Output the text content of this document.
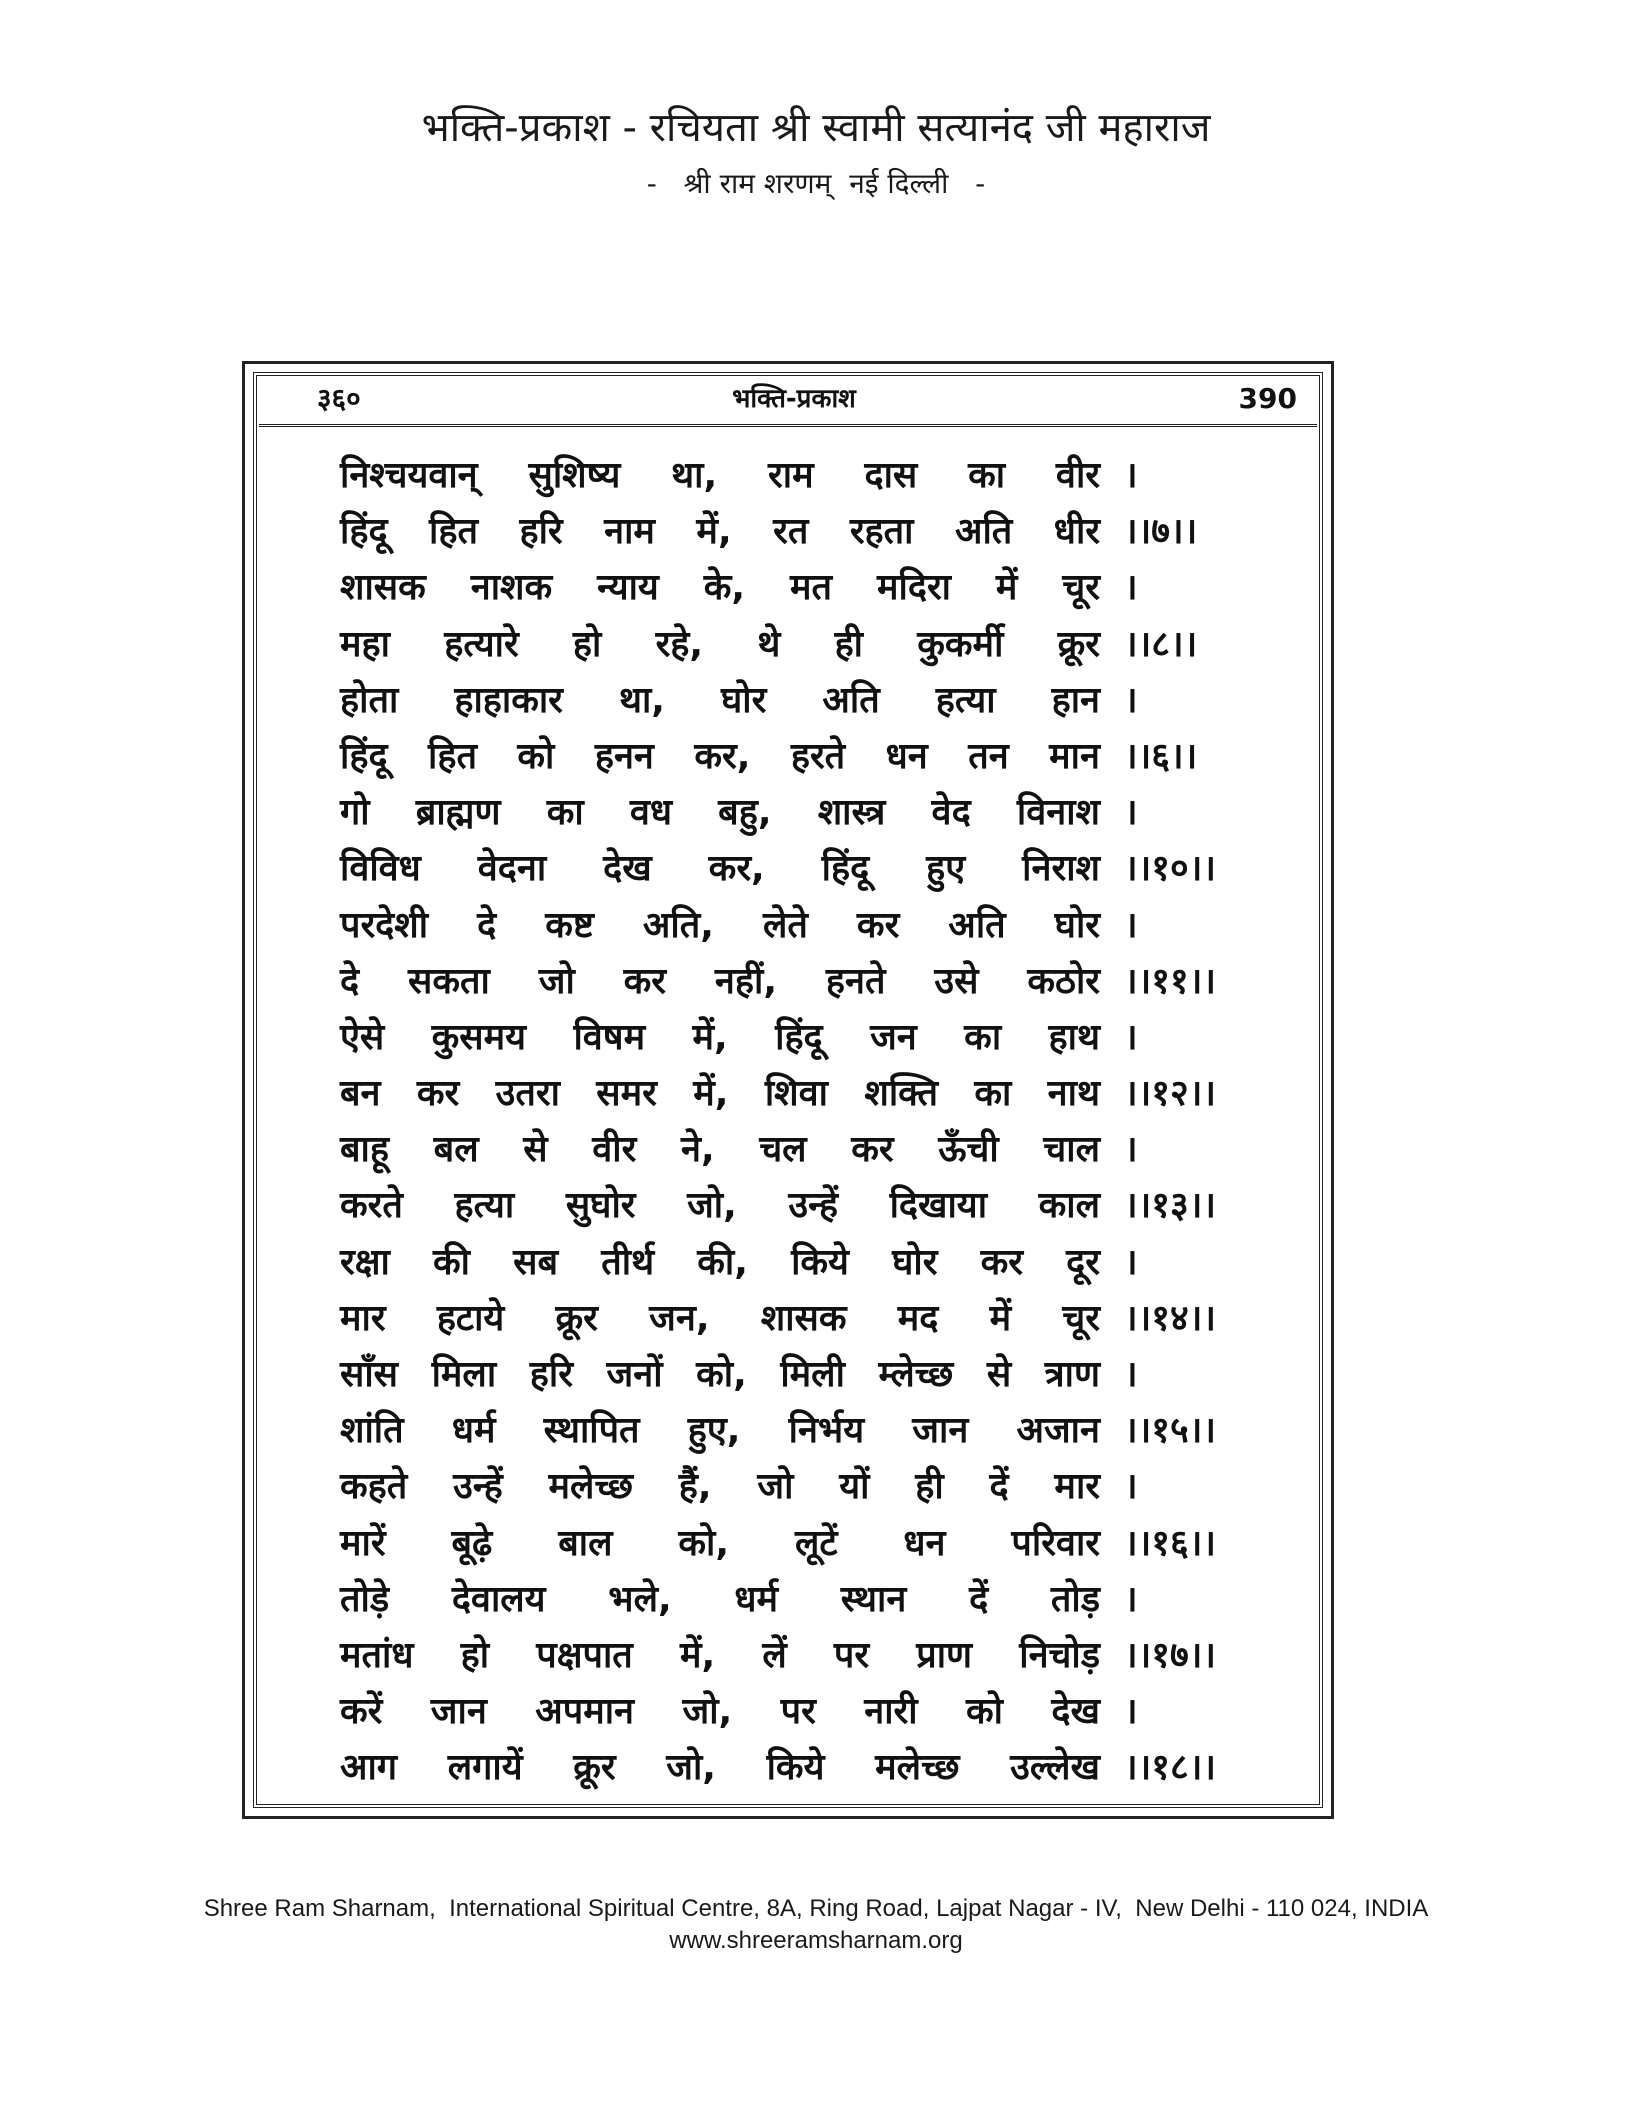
भक्ति-प्रकाश - रचियता श्री स्वामी सत्यानंद जी महाराज
-   श्री राम शरणम्  नई दिल्ली   -
३६०	भक्ति-प्रकाश	390
निश्चयवान् सुशिष्य था, राम दास का वीर ।
हिंदू हित हरि नाम में, रत रहता अति धीर ।।७।।
शासक नाशक न्याय के, मत मदिरा में चूर ।
महा हत्यारे हो रहे, थे ही कुकर्मी क्रूर ।।८।।
होता हाहाकार था, घोर अति हत्या हान ।
हिंदू हित को हनन कर, हरते धन तन मान ।।६।।
गो ब्राह्मण का वध बहु, शास्त्र वेद विनाश ।
विविध वेदना देख कर, हिंदू हुए निराश ।।१०।।
परदेशी दे कष्ट अति, लेते कर अति घोर ।
दे सकता जो कर नहीं, हनते उसे कठोर ।।११।।
ऐसे कुसमय विषम में, हिंदू जन का हाथ ।
बन कर उतरा समर में, शिवा शक्ति का नाथ ।।१२।।
बाहू बल से वीर ने, चल कर ऊँची चाल ।
करते हत्या सुघोर जो, उन्हें दिखाया काल ।।१३।।
रक्षा की सब तीर्थ की, किये घोर कर दूर ।
मार हटाये क्रूर जन, शासक मद में चूर ।।१४।।
साँस मिला हरि जनों को, मिली म्लेच्छ से त्राण ।
शांति धर्म स्थापित हुए, निर्भय जान अजान ।।१५।।
कहते उन्हें मलेच्छ हैं, जो यों ही दें मार ।
मारें बूढ़े बाल को, लूटें धन परिवार ।।१६।।
तोड़े देवालय भले, धर्म स्थान दें तोड़ ।
मतांध हो पक्षपात में, लें पर प्राण निचोड़ ।।१७।।
करें जान अपमान जो, पर नारी को देख ।
आग लगायें क्रूर जो, किये मलेच्छ उल्लेख ।।१८।।
Shree Ram Sharnam,  International Spiritual Centre, 8A, Ring Road, Lajpat Nagar - IV,  New Delhi - 110 024, INDIA
www.shreeramsharnam.org
